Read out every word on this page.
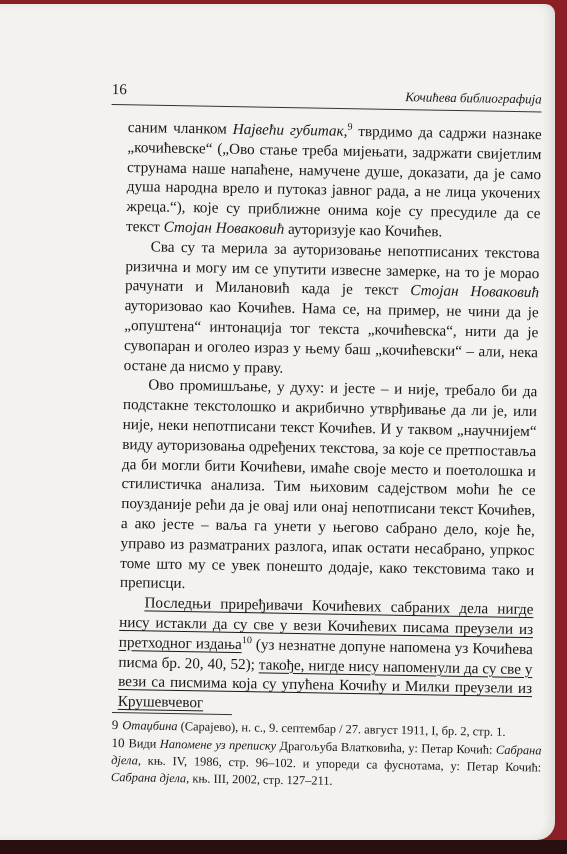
16	Кочићева библиографија

саним чланком Највећи губитак,$^9$ тврдимо да садржи назнаке „кочићевске“ („Ово стање треба мијењати, задржати свијетлим струнама наше напаћене, намучене душе, доказати, да је само душа народна врело и путоказ јавног рада, а не лица укочених жреца.“), које су приближне онима које су пресудиле да се текст Стојан Новаковић ауторизује као Кочићев.

Сва су та мерила за ауторизовање непотписаних текстова ризична и могу им се упутити извесне замерке, на то је морао рачунати и Милановић када је текст Стојан Новаковић ауторизовао као Кочићев. Нама се, на пример, не чини да је „опуштена“ интонација тог текста „кочићевска“, нити да је сувопаран и оголео израз у њему баш „кочићевски“ – али, нека остане да нисмо у праву.

Ово промишљање, у духу: и јесте – и није, требало би да подстакне текстолошко и акрибично утврђивање да ли је, или није, неки непотписани текст Кочићев. И у таквом „научнијем“ виду ауторизовања одређених текстова, за које се претпоставља да би могли бити Кочићеви, имаће своје место и поетолошка и стилистичка анализа. Тим њиховим садејством моћи ће се поузданије рећи да је овај или онај непотписани текст Кочићев, а ако јесте – ваља га унети у његово сабрано дело, које ће, управо из разматраних разлога, ипак остати несабрано, упркос томе што му се увек понешто додаје, како текстовима тако и преписци.

Последњи приређивачи Кочићевих сабраних дела нигде нису истакли да су све у вези Кочићевих писама преузели из претходног издања$^{10}$ (уз незнатне допуне напомена уз Кочићева писма бр. 20, 40, 52); такође, нигде нису напоменули да су све у вези са писмима која су упућена Кочићу и Милки преузели из Крушевчевог

9 Отаџбина (Сарајево), н. с., 9. септембар / 27. август 1911, I, бр. 2, стр. 1.

10 Види Напомене уз преписку Драгољуба Влатковића, у: Петар Кочић: Сабрана дјела, књ. IV, 1986, стр. 96–102. и упореди са фуснотама, у: Петар Кочић: Сабрана дјела, књ. III, 2002, стр. 127–211.
